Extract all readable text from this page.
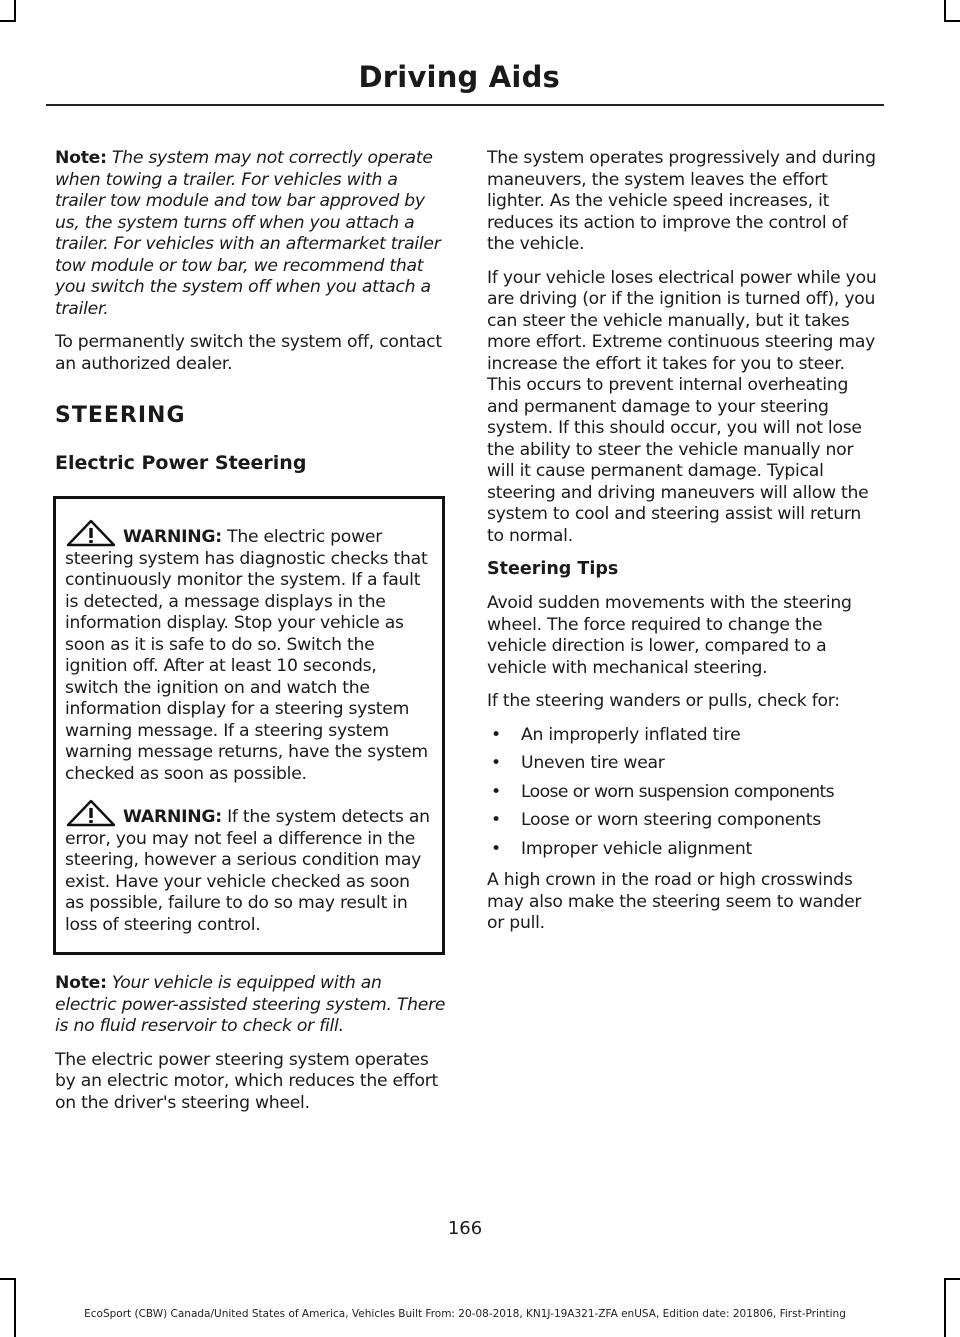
Driving Aids

Note: The system may not correctly operate when towing a trailer. For vehicles with a trailer tow module and tow bar approved by us, the system turns off when you attach a trailer. For vehicles with an aftermarket trailer tow module or tow bar, we recommend that you switch the system off when you attach a trailer.

To permanently switch the system off, contact an authorized dealer.

STEERING
Electric Power Steering

WARNING: The electric power steering system has diagnostic checks that continuously monitor the system. If a fault is detected, a message displays in the information display. Stop your vehicle as soon as it is safe to do so. Switch the ignition off. After at least 10 seconds, switch the ignition on and watch the information display for a steering system warning message. If a steering system warning message returns, have the system checked as soon as possible.

WARNING: If the system detects an error, you may not feel a difference in the steering, however a serious condition may exist. Have your vehicle checked as soon as possible, failure to do so may result in loss of steering control.

Note: Your vehicle is equipped with an electric power-assisted steering system. There is no fluid reservoir to check or fill.

The electric power steering system operates by an electric motor, which reduces the effort on the driver's steering wheel.

The system operates progressively and during maneuvers, the system leaves the effort lighter. As the vehicle speed increases, it reduces its action to improve the control of the vehicle.

If your vehicle loses electrical power while you are driving (or if the ignition is turned off), you can steer the vehicle manually, but it takes more effort. Extreme continuous steering may increase the effort it takes for you to steer. This occurs to prevent internal overheating and permanent damage to your steering system. If this should occur, you will not lose the ability to steer the vehicle manually nor will it cause permanent damage. Typical steering and driving maneuvers will allow the system to cool and steering assist will return to normal.

Steering Tips

Avoid sudden movements with the steering wheel. The force required to change the vehicle direction is lower, compared to a vehicle with mechanical steering.

If the steering wanders or pulls, check for:

• An improperly inflated tire
• Uneven tire wear
• Loose or worn suspension components
• Loose or worn steering components
• Improper vehicle alignment

A high crown in the road or high crosswinds may also make the steering seem to wander or pull.

166
EcoSport (CBW) Canada/United States of America, Vehicles Built From: 20-08-2018, KN1J-19A321-ZFA enUSA, Edition date: 201806, First-Printing
